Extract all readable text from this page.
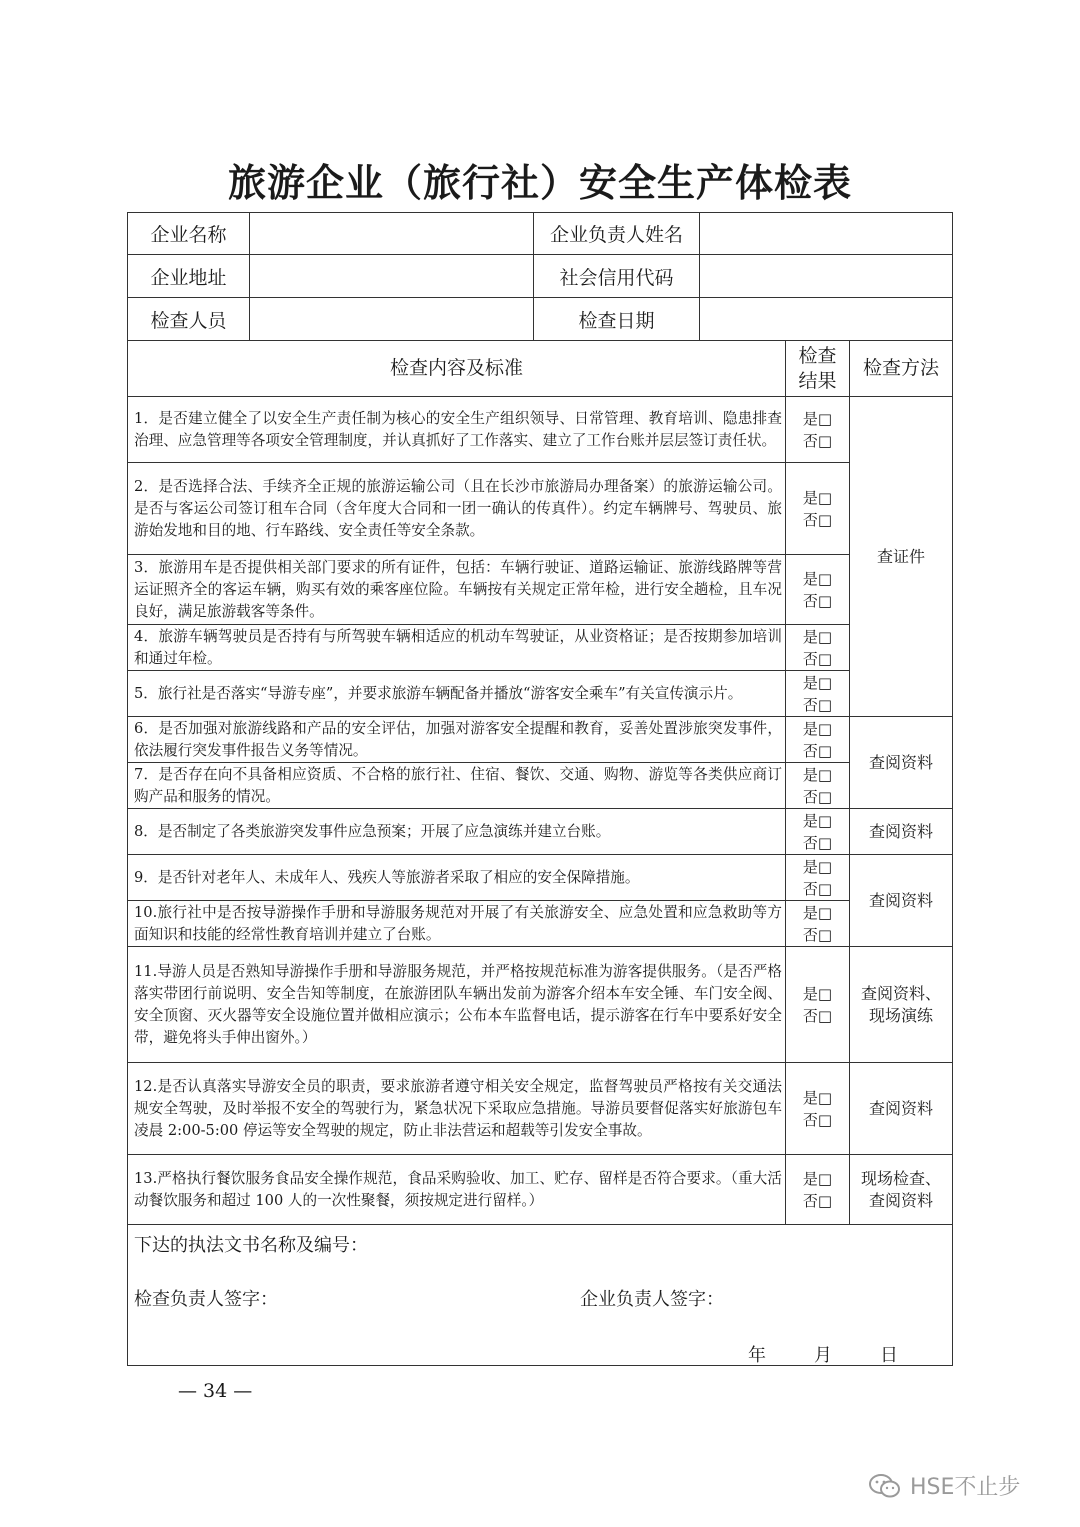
旅游企业（旅行社）安全生产体检表
企业名称		企业负责人姓名			
企业地址		社会信用代码			
检查人员		检查日期			
检查内容及标准				检查结果	检查方法
1．是否建立健全了以安全生产责任制为核心的安全生产组织领导、日常管理、教育培训、隐患排查治理、应急管理等各项安全管理制度，并认真抓好了工作落实、建立了工作台账并层层签订责任状。				是□
否□	查证件
2．是否选择合法、手续齐全正规的旅游运输公司（且在长沙市旅游局办理备案）的旅游运输公司。是否与客运公司签订租车合同（含年度大合同和一团一确认的传真件）。约定车辆牌号、驾驶员、旅游始发地和目的地、行车路线、安全责任等安全条款。				是□
否□	

3．旅游用车是否提供相关部门要求的所有证件，包括：车辆行驶证、道路运输证、旅游线路牌等营运证照齐全的客运车辆，购买有效的乘客座位险。车辆按有关规定正常年检，进行安全趟检，且车况良好，满足旅游载客等条件。				是□
否□	

4．旅游车辆驾驶员是否持有与所驾驶车辆相适应的机动车驾驶证，从业资格证；是否按期参加培训和通过年检。				是□
否□	

5．旅行社是否落实“导游专座”，并要求旅游车辆配备并播放“游客安全乘车”有关宣传演示片。				是□
否□	

6．是否加强对旅游线路和产品的安全评估，加强对游客安全提醒和教育，妥善处置涉旅突发事件，依法履行突发事件报告义务等情况。				是□
否□	查阅资料
7．是否存在向不具备相应资质、不合格的旅行社、住宿、餐饮、交通、购物、游览等各类供应商订购产品和服务的情况。				是□
否□	

8．是否制定了各类旅游突发事件应急预案；开展了应急演练并建立台账。				是□
否□	查阅资料
9．是否针对老年人、未成年人、残疾人等旅游者采取了相应的安全保障措施。				是□
否□	查阅资料
10.旅行社中是否按导游操作手册和导游服务规范对开展了有关旅游安全、应急处置和应急救助等方面知识和技能的经常性教育培训并建立了台账。				是□
否□	

11.导游人员是否熟知导游操作手册和导游服务规范，并严格按规范标准为游客提供服务。（是否严格落实带团行前说明、安全告知等制度，在旅游团队车辆出发前为游客介绍本车安全锤、车门安全阀、安全顶窗、灭火器等安全设施位置并做相应演示；公布本车监督电话，提示游客在行车中要系好安全带，避免将头手伸出窗外。）				是□
否□	查阅资料、现场演练
12.是否认真落实导游安全员的职责，要求旅游者遵守相关安全规定，监督驾驶员严格按有关交通法规安全驾驶，及时举报不安全的驾驶行为，紧急状况下采取应急措施。导游员要督促落实好旅游包车凌晨 2:00-5:00 停运等安全驾驶的规定，防止非法营运和超载等引发安全事故。				是□
否□	查阅资料
13.严格执行餐饮服务食品安全操作规范，食品采购验收、加工、贮存、留样是否符合要求。（重大活动餐饮服务和超过 100 人的一次性聚餐，须按规定进行留样。）				是□
否□	现场检查、查阅资料

下达的执法文书名称及编号：
检查负责人签字： 企业负责人签字：
年 月 日					
— 34 —
HSE不止步
